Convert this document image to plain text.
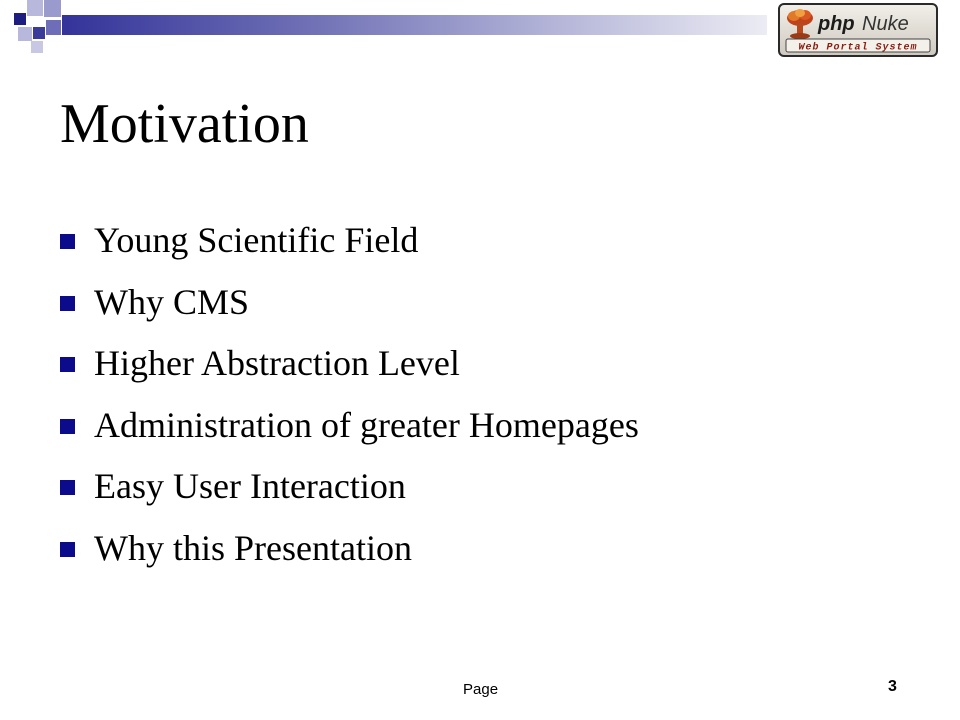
php Nuke
Web Portal System
Motivation
Young Scientific Field
Why CMS
Higher Abstraction Level
Administration of greater Homepages
Easy User Interaction
Why this Presentation
Page	3
